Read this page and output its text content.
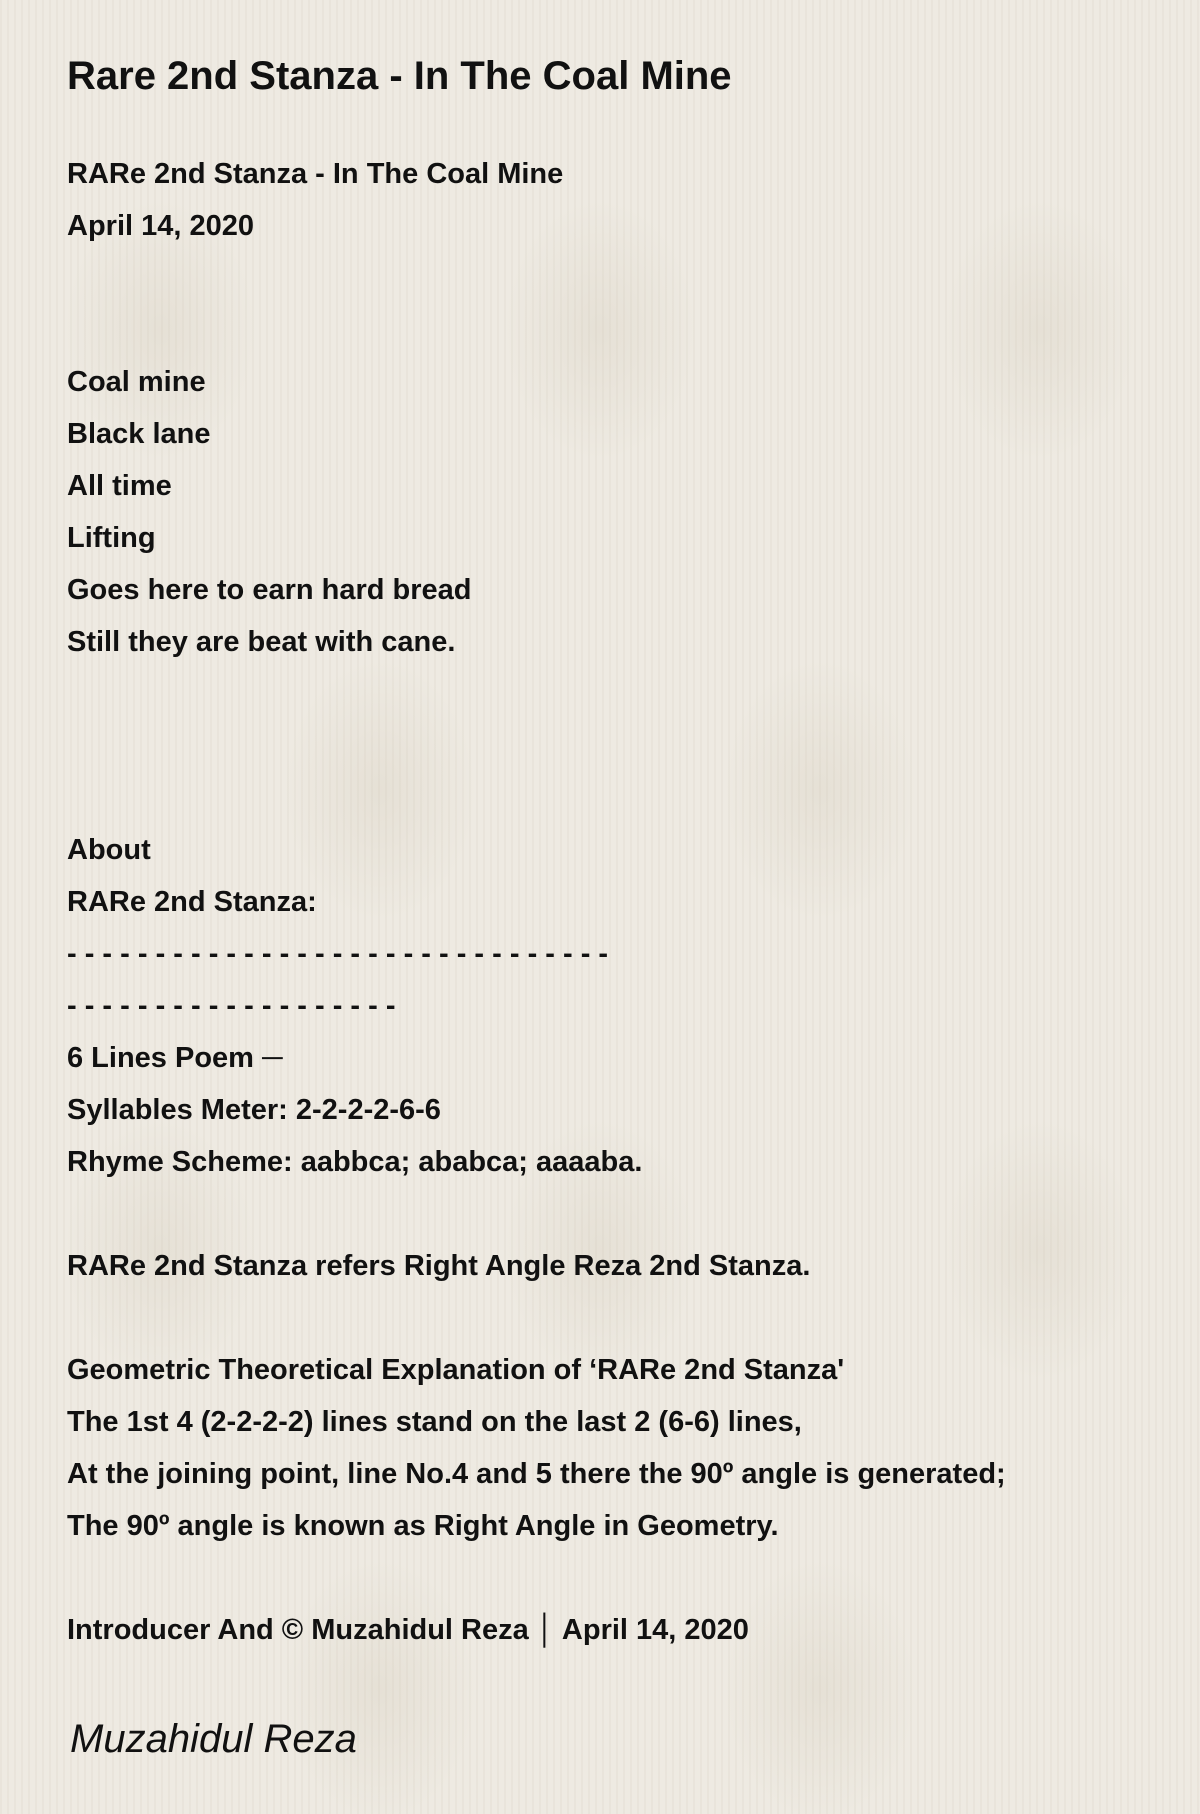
Rare 2nd Stanza - In The Coal Mine
RARe 2nd Stanza - In The Coal Mine
April 14, 2020
Coal mine
Black lane
All time
Lifting
Goes here to earn hard bread
Still they are beat with cane.
About
RARe 2nd Stanza:
- - - - - - - - - - - - - - - - - - - - - - - - - - - - - - -
- - - - - - - - - - - - - - - - - - -
6 Lines Poem ─
Syllables Meter: 2-2-2-2-6-6
Rhyme Scheme: aabbca; ababca; aaaaba.
RARe 2nd Stanza refers Right Angle Reza 2nd Stanza.
Geometric Theoretical Explanation of ‘RARe 2nd Stanza'
The 1st 4 (2-2-2-2) lines stand on the last 2 (6-6) lines,
At the joining point, line No.4 and 5 there the 90º angle is generated;
The 90º angle is known as Right Angle in Geometry.
Introducer And © Muzahidul Reza │ April 14, 2020
Muzahidul Reza
